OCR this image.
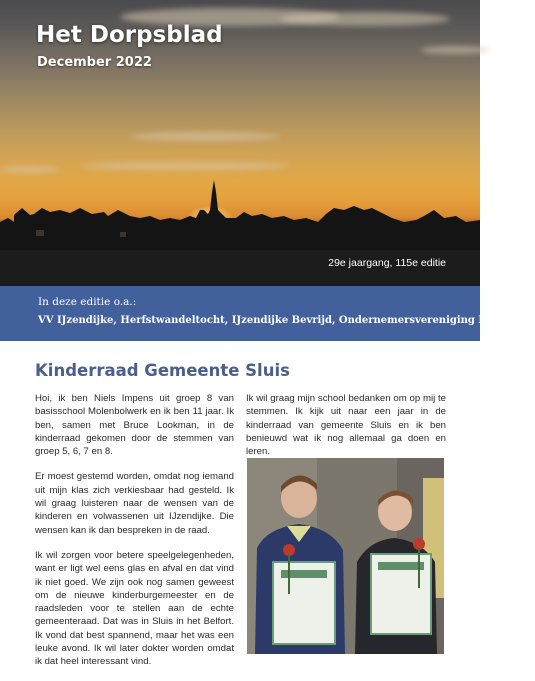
Het Dorpsblad
December 2022
29e jaargang, 115e editie
In deze editie o.a.:
VV IJzendijke, Herfstwandeltocht, IJzendijke Bevrijd, Ondernemersvereniging IJzendijke
Kinderraad Gemeente Sluis

Hoi, ik ben Niels Impens uit groep 8 van basisschool Molenbolwerk en ik ben 11 jaar. Ik ben, samen met Bruce Lookman, in de kinderraad gekomen door de stemmen van groep 5, 6, 7 en 8.

Er moest gestemd worden, omdat nog iemand uit mijn klas zich verkiesbaar had gesteld. Ik wil graag luisteren naar de wensen van de kinderen en volwassenen uit IJzendijke. Die wensen kan ik dan bespreken in de raad.

Ik wil zorgen voor betere speelgelegenheden, want er ligt wel eens glas en afval en dat vind ik niet goed. We zijn ook nog samen geweest om de nieuwe kinderburgemeester en de raadsleden voor te stellen aan de echte gemeenteraad. Dat was in Sluis in het Belfort. Ik vond dat best spannend, maar het was een leuke avond. Ik wil later dokter worden omdat ik dat heel interessant vind.

Ik wil graag mijn school bedanken om op mij te stemmen. Ik kijk uit naar een jaar in de kinderraad van gemeente Sluis en ik ben benieuwd wat ik nog allemaal ga doen en leren.
